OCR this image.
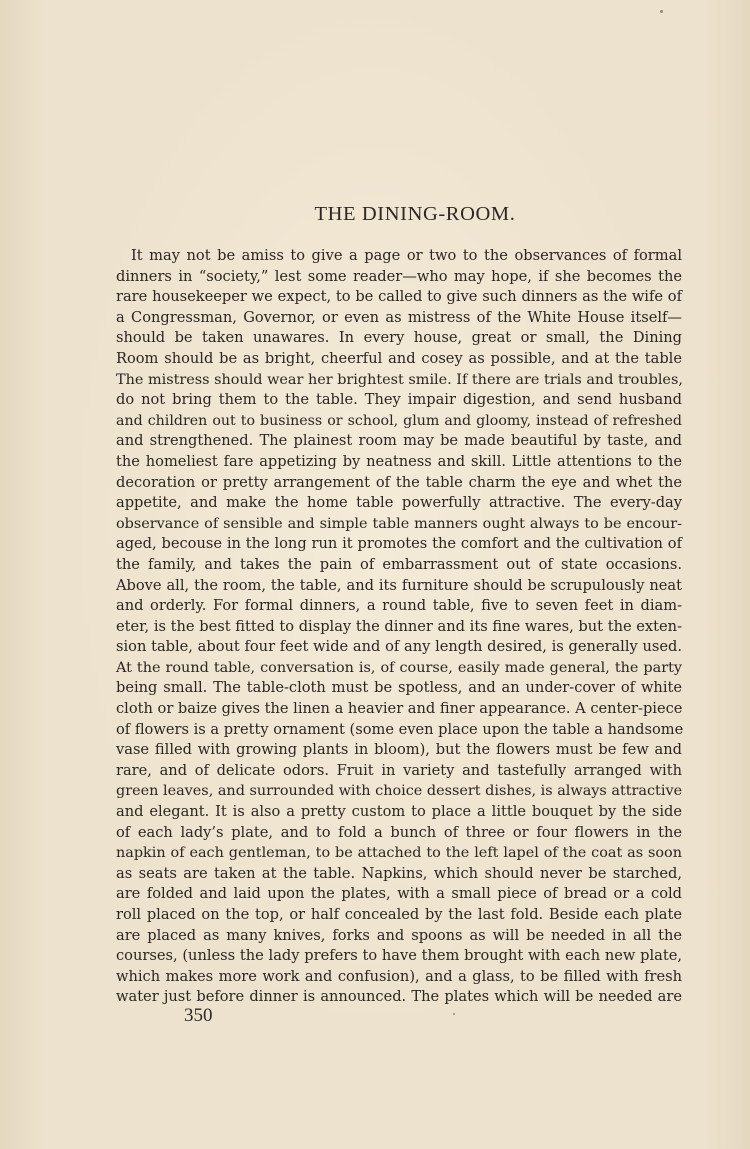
THE DINING-ROOM.
It may not be amiss to give a page or two to the observances of formal
dinners in “society,” lest some reader—who may hope, if she becomes the
rare housekeeper we expect, to be called to give such dinners as the wife of
a Congressman, Governor, or even as mistress of the White House itself—
should be taken unawares. In every house, great or small, the Dining
Room should be as bright, cheerful and cosey as possible, and at the table
The mistress should wear her brightest smile. If there are trials and troubles,
do not bring them to the table. They impair digestion, and send husband
and children out to business or school, glum and gloomy, instead of refreshed
and strengthened. The plainest room may be made beautiful by taste, and
the homeliest fare appetizing by neatness and skill. Little attentions to the
decoration or pretty arrangement of the table charm the eye and whet the
appetite, and make the home table powerfully attractive. The every-day
observance of sensible and simple table manners ought always to be encour-
aged, becouse in the long run it promotes the comfort and the cultivation of
the family, and takes the pain of embarrassment out of state occasions.
Above all, the room, the table, and its furniture should be scrupulously neat
and orderly. For formal dinners, a round table, five to seven feet in diam-
eter, is the best fitted to display the dinner and its fine wares, but the exten-
sion table, about four feet wide and of any length desired, is generally used.
At the round table, conversation is, of course, easily made general, the party
being small. The table-cloth must be spotless, and an under-cover of white
cloth or baize gives the linen a heavier and finer appearance. A center-piece
of flowers is a pretty ornament (some even place upon the table a handsome
vase filled with growing plants in bloom), but the flowers must be few and
rare, and of delicate odors. Fruit in variety and tastefully arranged with
green leaves, and surrounded with choice dessert dishes, is always attractive
and elegant. It is also a pretty custom to place a little bouquet by the side
of each lady’s plate, and to fold a bunch of three or four flowers in the
napkin of each gentleman, to be attached to the left lapel of the coat as soon
as seats are taken at the table. Napkins, which should never be starched,
are folded and laid upon the plates, with a small piece of bread or a cold
roll placed on the top, or half concealed by the last fold. Beside each plate
are placed as many knives, forks and spoons as will be needed in all the
courses, (unless the lady prefers to have them brought with each new plate,
which makes more work and confusion), and a glass, to be filled with fresh
water just before dinner is announced. The plates which will be needed are
350
